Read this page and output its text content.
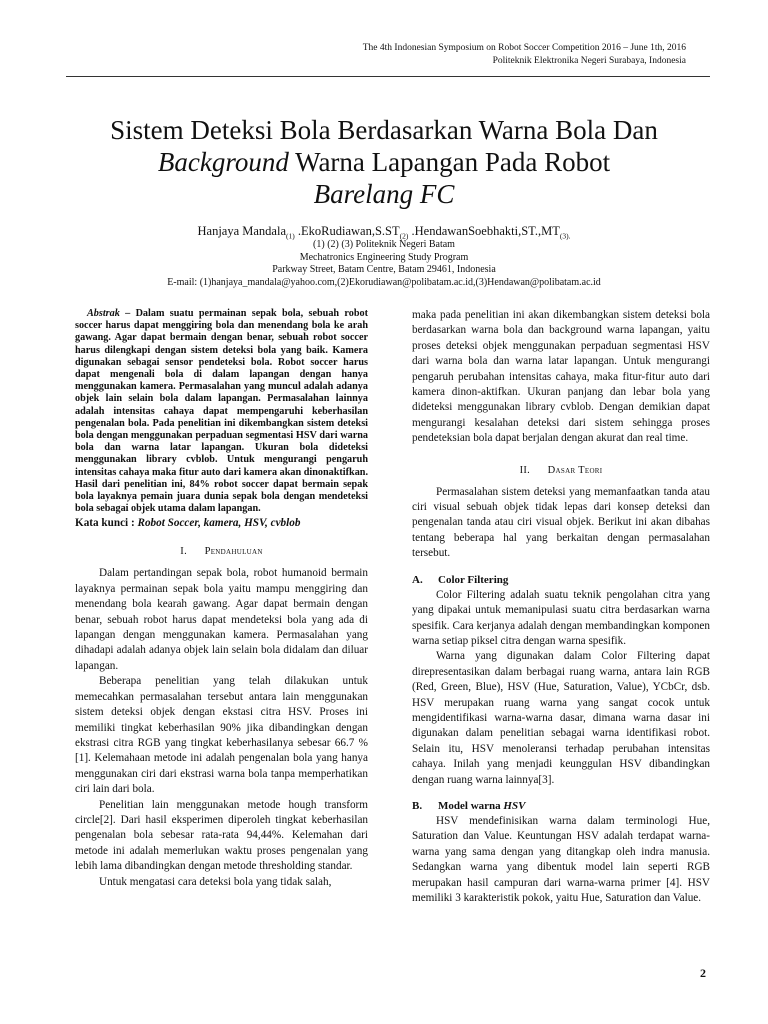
The 4th Indonesian Symposium on Robot Soccer Competition 2016 – June 1th, 2016
Politeknik Elektronika Negeri Surabaya, Indonesia
Sistem Deteksi Bola Berdasarkan Warna Bola Dan
Background Warna Lapangan Pada Robot
Barelang FC
Hanjaya Mandala$_{(1)}$ $.EkoRudiawan,S.ST_{(2)}$ $.HendawanSoebhakti,ST.,MT_{(3).}$
(1) (2) (3) Politeknik Negeri Batam
Mechatronics Engineering Study Program
Parkway Street, Batam Centre, Batam 29461, Indonesia
E-mail: (1)hanjaya_mandala@yahoo.com,(2)Ekorudiawan@polibatam.ac.id,(3)Hendawan@polibatam.ac.id

Abstrak – Dalam suatu permainan sepak bola, sebuah robot soccer harus dapat menggiring bola dan menendang bola ke arah gawang. Agar dapat bermain dengan benar, sebuah robot soccer harus dilengkapi dengan sistem deteksi bola yang baik. Kamera digunakan sebagai sensor pendeteksi bola. Robot soccer harus dapat mengenali bola di dalam lapangan dengan hanya menggunakan kamera. Permasalahan yang muncul adalah adanya objek lain selain bola dalam lapangan. Permasalahan lainnya adalah intensitas cahaya dapat mempengaruhi keberhasilan pengenalan bola. Pada penelitian ini dikembangkan sistem deteksi bola dengan menggunakan perpaduan segmentasi HSV dari warna bola dan warna latar lapangan. Ukuran bola dideteksi menggunakan library cvblob. Untuk mengurangi pengaruh intensitas cahaya maka fitur auto dari kamera akan dinonaktifkan. Hasil dari penelitian ini, 84% robot soccer dapat bermain sepak bola layaknya pemain juara dunia sepak bola dengan mendeteksi bola sebagai objek utama dalam lapangan.

Kata kunci : Robot Soccer, kamera, HSV, cvblob
I. Pendahuluan

Dalam pertandingan sepak bola, robot humanoid bermain layaknya permainan sepak bola yaitu mampu menggiring dan menendang bola kearah gawang. Agar dapat bermain dengan benar, sebuah robot harus dapat mendeteksi bola yang ada di lapangan dengan menggunakan kamera. Permasalahan yang dihadapi adalah adanya objek lain selain bola didalam dan diluar lapangan.

Beberapa penelitian yang telah dilakukan untuk memecahkan permasalahan tersebut antara lain menggunakan sistem deteksi objek dengan ekstasi citra HSV. Proses ini memiliki tingkat keberhasilan 90% jika dibandingkan dengan ekstrasi citra RGB yang tingkat keberhasilanya sebesar 66.7 % [1]. Kelemahaan metode ini adalah pengenalan bola yang hanya menggunakan ciri dari ekstrasi warna bola tanpa memperhatikan ciri lain dari bola.

Penelitian lain menggunakan metode hough transform circle[2]. Dari hasil eksperimen diperoleh tingkat keberhasilan pengenalan bola sebesar rata-rata 94,44%. Kelemahan dari metode ini adalah memerlukan waktu proses pengenalan yang lebih lama dibandingkan dengan metode thresholding standar.

Untuk mengatasi cara deteksi bola yang tidak salah,

maka pada penelitian ini akan dikembangkan sistem deteksi bola berdasarkan warna bola dan background warna lapangan, yaitu proses deteksi objek menggunakan perpaduan segmentasi HSV dari warna bola dan warna latar lapangan. Untuk mengurangi pengaruh perubahan intensitas cahaya, maka fitur-fitur auto dari kamera dinon-aktifkan. Ukuran panjang dan lebar bola yang dideteksi menggunakan library cvblob. Dengan demikian dapat mengurangi kesalahan deteksi dari sistem sehingga proses pendeteksian bola dapat berjalan dengan akurat dan real time.

II. Dasar Teori

Permasalahan sistem deteksi yang memanfaatkan tanda atau ciri visual sebuah objek tidak lepas dari konsep deteksi dan pengenalan tanda atau ciri visual objek. Berikut ini akan dibahas tentang beberapa hal yang berkaitan dengan permasalahan tersebut.

A. Color Filtering

Color Filtering adalah suatu teknik pengolahan citra yang yang dipakai untuk memanipulasi suatu citra berdasarkan warna spesifik. Cara kerjanya adalah dengan membandingkan komponen warna setiap piksel citra dengan warna spesifik.

Warna yang digunakan dalam Color Filtering dapat direpresentasikan dalam berbagai ruang warna, antara lain RGB (Red, Green, Blue), HSV (Hue, Saturation, Value), YCbCr, dsb. HSV merupakan ruang warna yang sangat cocok untuk mengidentifikasi warna-warna dasar, dimana warna dasar ini digunakan dalam penelitian sebagai warna identifikasi robot. Selain itu, HSV menoleransi terhadap perubahan intensitas cahaya. Inilah yang menjadi keunggulan HSV dibandingkan dengan ruang warna lainnya[3].

B. Model warna HSV

HSV mendefinisikan warna dalam terminologi Hue, Saturation dan Value. Keuntungan HSV adalah terdapat warna-warna yang sama dengan yang ditangkap oleh indra manusia. Sedangkan warna yang dibentuk model lain seperti RGB merupakan hasil campuran dari warna-warna primer [4]. HSV memiliki 3 karakteristik pokok, yaitu Hue, Saturation dan Value.

2
